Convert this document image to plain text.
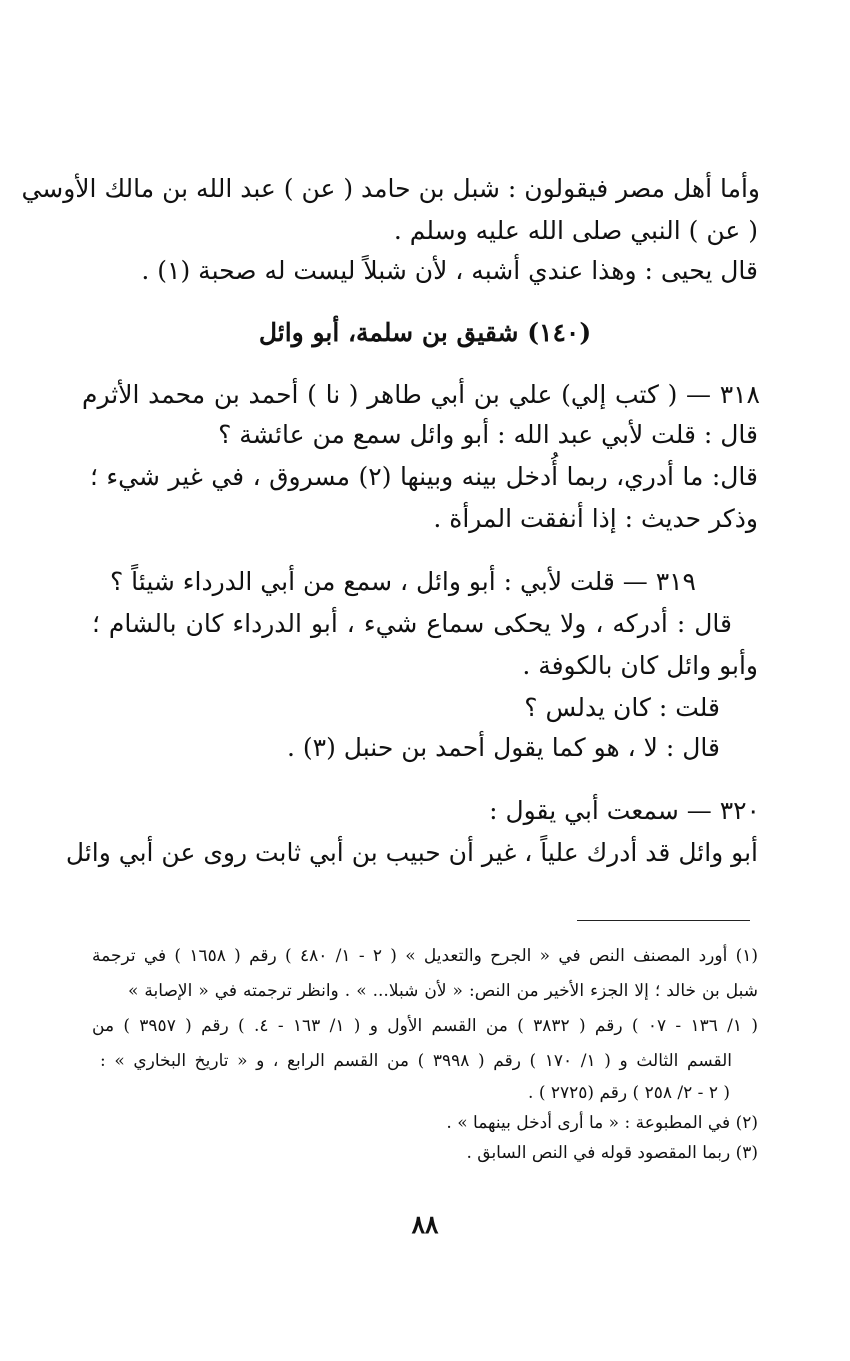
وأما أهل مصر فيقولون : شبل بن حامد ( عن ) عبد الله بن مالك الأوسي
( عن ) النبي صلى الله عليه وسلم .
قال يحيى : وهذا عندي أشبه ، لأن شبلاً ليست له صحبة (١) .
(١٤٠) شقيق بن سلمة، أبو وائل
٣١٨ — ( كتب إلي) علي بن أبي طاهر ( نا ) أحمد بن محمد الأثرم
قال : قلت لأبي عبد الله : أبو وائل سمع من عائشة ؟
قال: ما أدري، ربما أُدخل بينه وبينها (٢) مسروق ، في غير شيء ؛
وذكر حديث : إذا أنفقت المرأة .
٣١٩ — قلت لأبي : أبو وائل ، سمع من أبي الدرداء شيئاً ؟
قال : أدركه ، ولا يحكى سماع شيء ، أبو الدرداء كان بالشام ؛
وأبو وائل كان بالكوفة .
قلت : كان يدلس ؟
قال : لا ، هو كما يقول أحمد بن حنبل (٣) .
٣٢٠ — سمعت أبي يقول :
أبو وائل قد أدرك علياً ، غير أن حبيب بن أبي ثابت روى عن أبي وائل
(١) أورد المصنف النص في « الجرح والتعديل » ( ٢ - ١/ ٤٨٠ ) رقم ( ١٦٥٨ ) في ترجمة
شبل بن خالد ؛ إلا الجزء الأخير من النص: « لأن شبلا... » . وانظر ترجمته في « الإصابة »
( ١/ ١٣٦ - ٠٧ ) رقم ( ٣٨٣٢ ) من القسم الأول و ( ١/ ١٦٣ - ٤. ) رقم ( ٣٩٥٧ ) من
القسم الثالث و ( ١/ ١٧٠ ) رقم ( ٣٩٩٨ ) من القسم الرابع ، و « تاريخ البخاري » :
( ٢ - ٢/ ٢٥٨ ) رقم (٢٧٢٥ ) .
(٢) في المطبوعة : « ما أرى أدخل بينهما » .
(٣) ربما المقصود قوله في النص السابق .
٨٨
